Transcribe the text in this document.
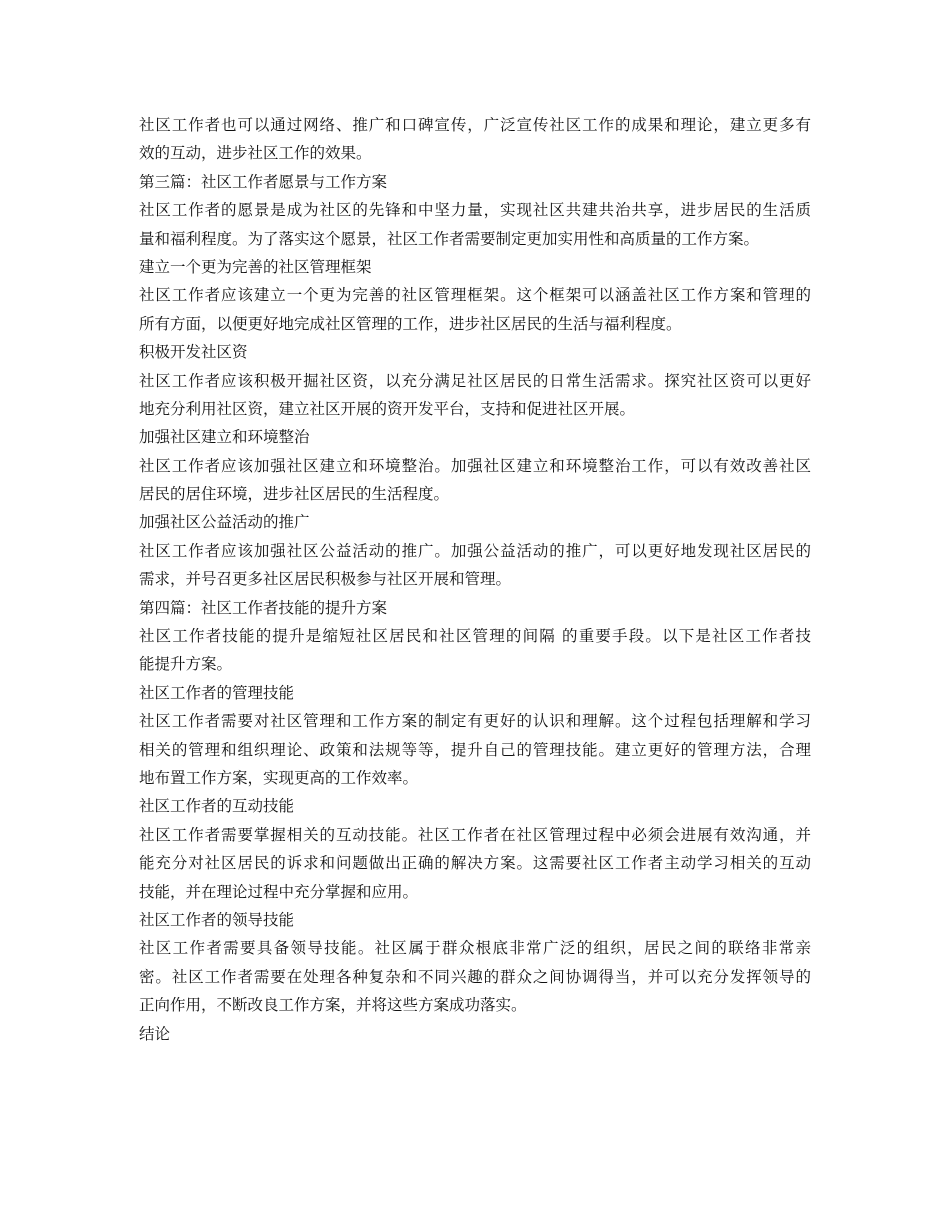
社区工作者也可以通过网络、推广和口碑宣传，广泛宣传社区工作的成果和理论，建立更多有
效的互动，进步社区工作的效果。
第三篇：社区工作者愿景与工作方案
社区工作者的愿景是成为社区的先锋和中坚力量，实现社区共建共治共享，进步居民的生活质
量和福利程度。为了落实这个愿景，社区工作者需要制定更加实用性和高质量的工作方案。
建立一个更为完善的社区管理框架
社区工作者应该建立一个更为完善的社区管理框架。这个框架可以涵盖社区工作方案和管理的
所有方面，以便更好地完成社区管理的工作，进步社区居民的生活与福利程度。
积极开发社区资
社区工作者应该积极开掘社区资，以充分满足社区居民的日常生活需求。探究社区资可以更好
地充分利用社区资，建立社区开展的资开发平台，支持和促进社区开展。
加强社区建立和环境整治
社区工作者应该加强社区建立和环境整治。加强社区建立和环境整治工作，可以有效改善社区
居民的居住环境，进步社区居民的生活程度。
加强社区公益活动的推广
社区工作者应该加强社区公益活动的推广。加强公益活动的推广，可以更好地发现社区居民的
需求，并号召更多社区居民积极参与社区开展和管理。
第四篇：社区工作者技能的提升方案
社区工作者技能的提升是缩短社区居民和社区管理的间隔 的重要手段。以下是社区工作者技
能提升方案。
社区工作者的管理技能
社区工作者需要对社区管理和工作方案的制定有更好的认识和理解。这个过程包括理解和学习
相关的管理和组织理论、政策和法规等等，提升自己的管理技能。建立更好的管理方法，合理
地布置工作方案，实现更高的工作效率。
社区工作者的互动技能
社区工作者需要掌握相关的互动技能。社区工作者在社区管理过程中必须会进展有效沟通，并
能充分对社区居民的诉求和问题做出正确的解决方案。这需要社区工作者主动学习相关的互动
技能，并在理论过程中充分掌握和应用。
社区工作者的领导技能
社区工作者需要具备领导技能。社区属于群众根底非常广泛的组织，居民之间的联络非常亲
密。社区工作者需要在处理各种复杂和不同兴趣的群众之间协调得当，并可以充分发挥领导的
正向作用，不断改良工作方案，并将这些方案成功落实。
结论
